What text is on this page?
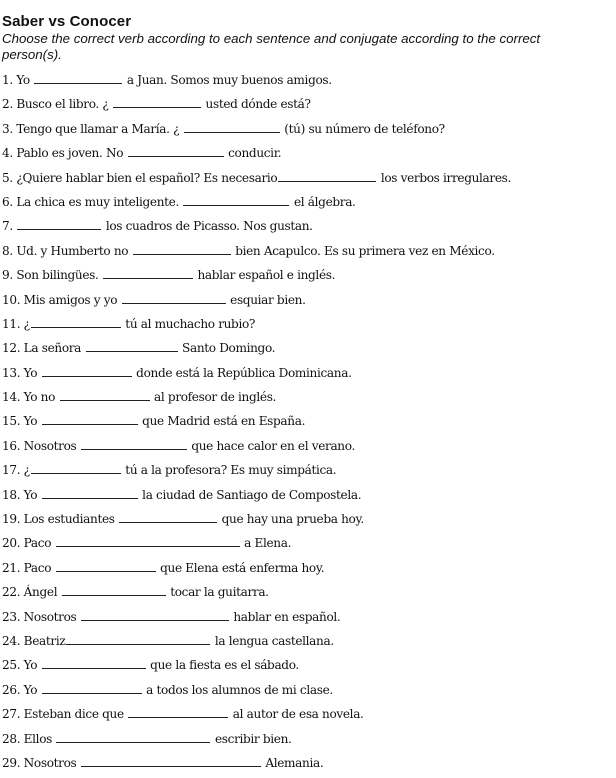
Saber vs Conocer
Choose the correct verb according to each sentence and conjugate according to the correct person(s).
1. Yo	a Juan. Somos muy buenos amigos.
2. Busco el libro. ¿	usted dónde está?
3. Tengo que llamar a María. ¿	(tú) su número de teléfono?
4. Pablo es joven. No	conducir.
5. ¿Quiere hablar bien el español? Es necesario	los verbos irregulares.
6. La chica es muy inteligente.	el álgebra.
7.	los cuadros de Picasso. Nos gustan.
8. Ud. y Humberto no	bien Acapulco. Es su primera vez en México.
9. Son bilingües.	hablar español e inglés.
10. Mis amigos y yo	esquiar bien.
11. ¿	tú al muchacho rubio?
12. La señora	Santo Domingo.
13. Yo	donde está la República Dominicana.
14. Yo no	al profesor de inglés.
15. Yo	que Madrid está en España.
16. Nosotros	que hace calor en el verano.
17. ¿	tú a la profesora? Es muy simpática.
18. Yo	la ciudad de Santiago de Compostela.
19. Los estudiantes	que hay una prueba hoy.
20. Paco	a Elena.
21. Paco	que Elena está enferma hoy.
22. Ángel	tocar la guitarra.
23. Nosotros	hablar en español.
24. Beatriz	la lengua castellana.
25. Yo	que la fiesta es el sábado.
26. Yo	a todos los alumnos de mi clase.
27. Esteban dice que	al autor de esa novela.
28. Ellos	escribir bien.
29. Nosotros	Alemania.
